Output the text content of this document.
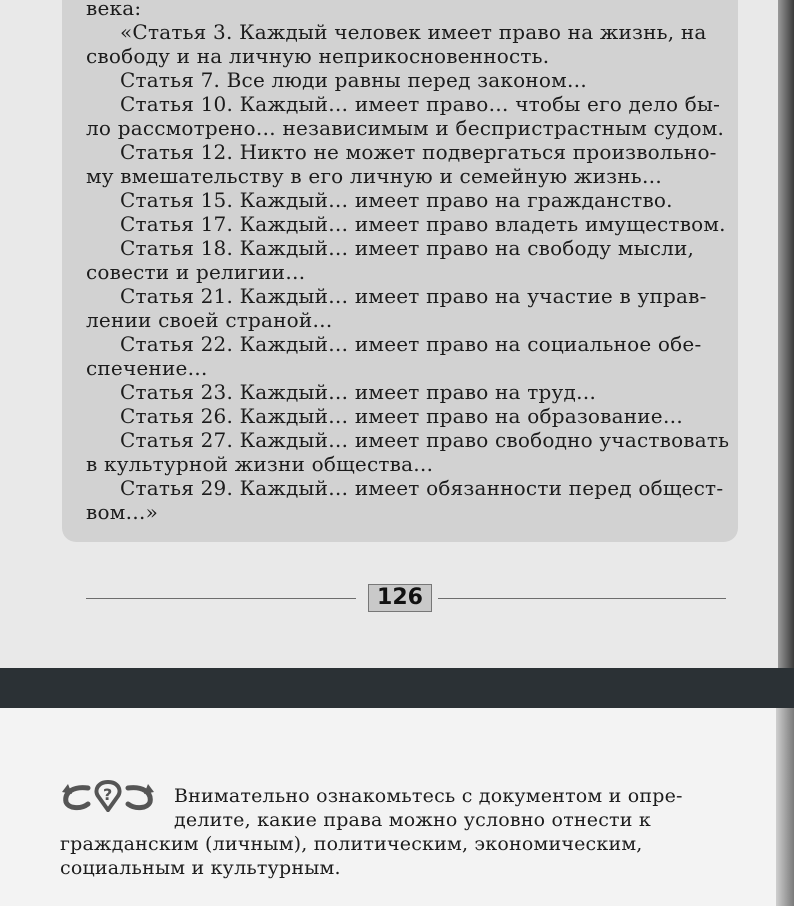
века:
«Статья 3. Каждый человек имеет право на жизнь, на
свободу и на личную неприкосновенность.
Статья 7. Все люди равны перед законом…
Статья 10. Каждый… имеет право… чтобы его дело бы-
ло рассмотрено… независимым и беспристрастным судом.
Статья 12. Никто не может подвергаться произвольно-
му вмешательству в его личную и семейную жизнь…
Статья 15. Каждый… имеет право на гражданство.
Статья 17. Каждый… имеет право владеть имуществом.
Статья 18. Каждый… имеет право на свободу мысли,
совести и религии…
Статья 21. Каждый… имеет право на участие в управ-
лении своей страной…
Статья 22. Каждый… имеет право на социальное обе-
спечение…
Статья 23. Каждый… имеет право на труд…
Статья 26. Каждый… имеет право на образование…
Статья 27. Каждый… имеет право свободно участвовать
в культурной жизни общества…
Статья 29. Каждый… имеет обязанности перед общест-
вом…»
126
?	Внимательно ознакомьтесь с документом и опре-
делите, какие права можно условно отнести к
гражданским (личным), политическим, экономическим,
социальным и культурным.
